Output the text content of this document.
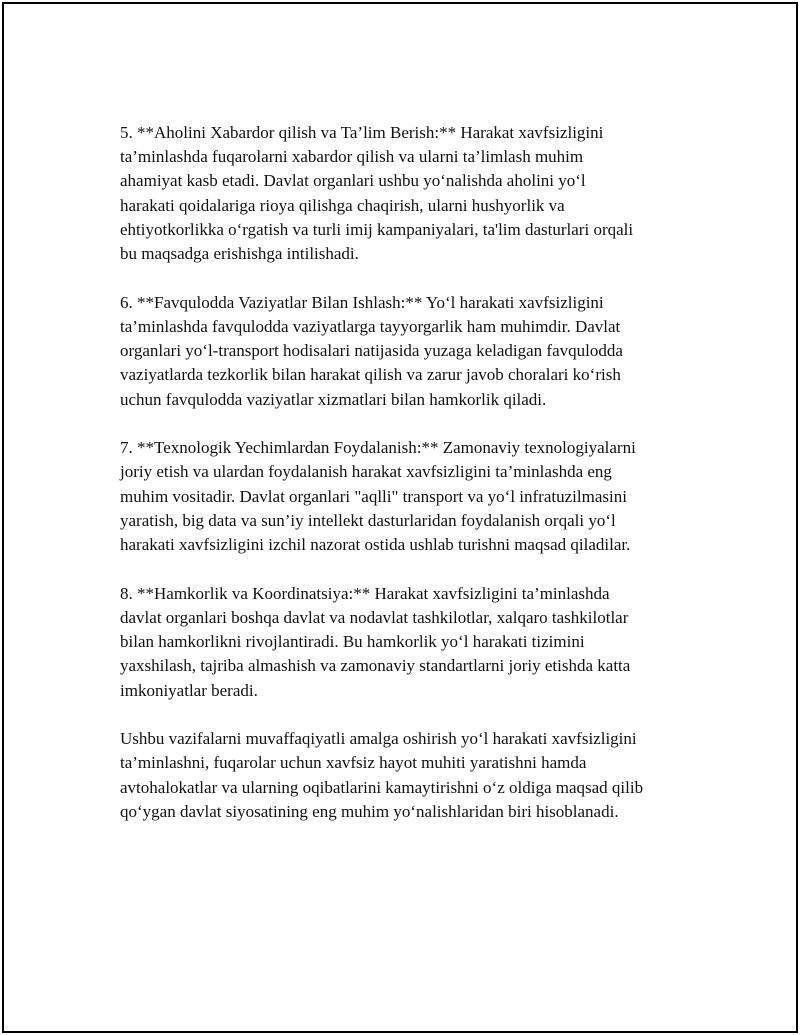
5. **Aholini Xabardor qilish va Ta’lim Berish:** Harakat xavfsizligini
ta’minlashda fuqarolarni xabardor qilish va ularni ta’limlash muhim
ahamiyat kasb etadi. Davlat organlari ushbu yo‘nalishda aholini yo‘l
harakati qoidalariga rioya qilishga chaqirish, ularni hushyorlik va
ehtiyotkorlikka o‘rgatish va turli imij kampaniyalari, ta'lim dasturlari orqali
bu maqsadga erishishga intilishadi.

6. **Favqulodda Vaziyatlar Bilan Ishlash:** Yo‘l harakati xavfsizligini
ta’minlashda favqulodda vaziyatlarga tayyorgarlik ham muhimdir. Davlat
organlari yo‘l-transport hodisalari natijasida yuzaga keladigan favqulodda
vaziyatlarda tezkorlik bilan harakat qilish va zarur javob choralari ko‘rish
uchun favqulodda vaziyatlar xizmatlari bilan hamkorlik qiladi.

7. **Texnologik Yechimlardan Foydalanish:** Zamonaviy texnologiyalarni
joriy etish va ulardan foydalanish harakat xavfsizligini ta’minlashda eng
muhim vositadir. Davlat organlari "aqlli" transport va yo‘l infratuzilmasini
yaratish, big data va sun’iy intellekt dasturlaridan foydalanish orqali yo‘l
harakati xavfsizligini izchil nazorat ostida ushlab turishni maqsad qiladilar.

8. **Hamkorlik va Koordinatsiya:** Harakat xavfsizligini ta’minlashda
davlat organlari boshqa davlat va nodavlat tashkilotlar, xalqaro tashkilotlar
bilan hamkorlikni rivojlantiradi. Bu hamkorlik yo‘l harakati tizimini
yaxshilash, tajriba almashish va zamonaviy standartlarni joriy etishda katta
imkoniyatlar beradi.

Ushbu vazifalarni muvaffaqiyatli amalga oshirish yo‘l harakati xavfsizligini
ta’minlashni, fuqarolar uchun xavfsiz hayot muhiti yaratishni hamda
avtohalokatlar va ularning oqibatlarini kamaytirishni o‘z oldiga maqsad qilib
qo‘ygan davlat siyosatining eng muhim yo‘nalishlaridan biri hisoblanadi.
